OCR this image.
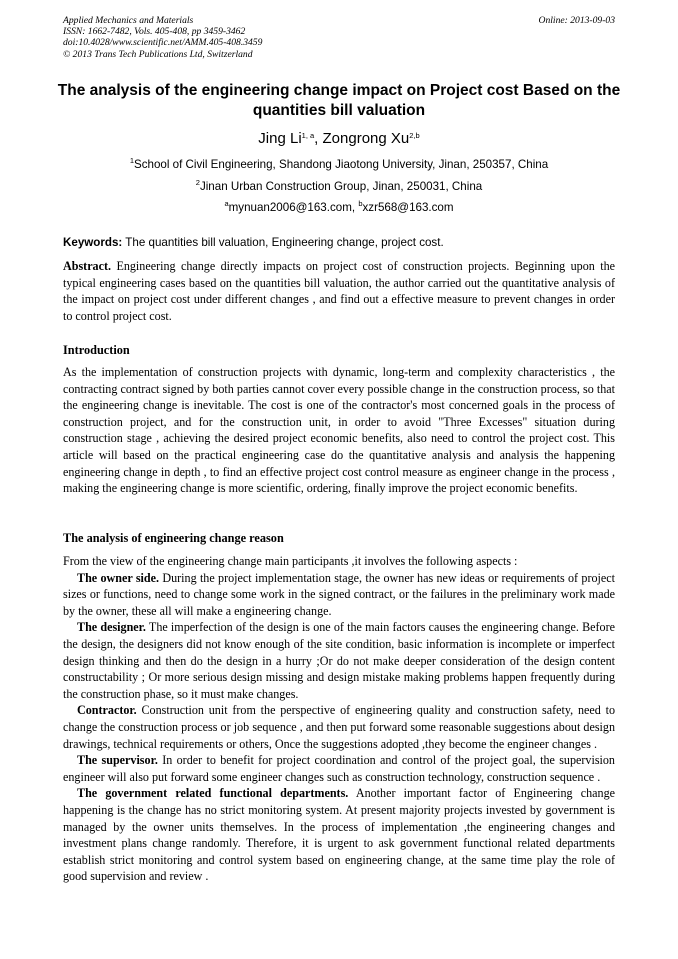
Applied Mechanics and Materials
ISSN: 1662-7482, Vols. 405-408, pp 3459-3462
doi:10.4028/www.scientific.net/AMM.405-408.3459
© 2013 Trans Tech Publications Ltd, Switzerland
Online: 2013-09-03
The analysis of the engineering change impact on Project cost Based on the quantities bill valuation
Jing Li$^{1, a}$, Zongrong Xu$^{2,b}$
$^1$School of Civil Engineering, Shandong Jiaotong University, Jinan, 250357, China
$^2$Jinan Urban Construction Group, Jinan, 250031, China
$^a$mynuan2006@163.com, $^b$xzr568@163.com
Keywords: The quantities bill valuation, Engineering change, project cost.
Abstract. Engineering change directly impacts on project cost of construction projects. Beginning upon the typical engineering cases based on the quantities bill valuation, the author carried out the quantitative analysis of the impact on project cost under different changes , and find out a effective measure to prevent changes in order to control project cost.
Introduction
As the implementation of construction projects with dynamic, long-term and complexity characteristics , the contracting contract signed by both parties cannot cover every possible change in the construction process, so that the engineering change is inevitable. The cost is one of the contractor's most concerned goals in the process of construction project, and for the construction unit, in order to avoid "Three Excesses" situation during construction stage , achieving the desired project economic benefits, also need to control the project cost. This article will based on the practical engineering case do the quantitative analysis and analysis the happening engineering change in depth , to find an effective project cost control measure as engineer change in the process , making the engineering change is more scientific, ordering, finally improve the project economic benefits.
The analysis of engineering change reason
From the view of the engineering change main participants ,it involves the following aspects :
The owner side. During the project implementation stage, the owner has new ideas or requirements of project sizes or functions, need to change some work in the signed contract, or the failures in the preliminary work made by the owner, these all will make a engineering change.
The designer. The imperfection of the design is one of the main factors causes the engineering change. Before the design, the designers did not know enough of the site condition, basic information is incomplete or imperfect design thinking and then do the design in a hurry ;Or do not make deeper consideration of the design content constructability ; Or more serious design missing and design mistake making problems happen frequently during the construction phase, so it must make changes.
Contractor. Construction unit from the perspective of engineering quality and construction safety, need to change the construction process or job sequence , and then put forward some reasonable suggestions about design drawings, technical requirements or others, Once the suggestions adopted ,they become the engineer changes .
The supervisor. In order to benefit for project coordination and control of the project goal, the supervision engineer will also put forward some engineer changes such as construction technology, construction sequence .
The government related functional departments. Another important factor of Engineering change happening is the change has no strict monitoring system. At present majority projects invested by government is managed by the owner units themselves. In the process of implementation ,the engineering changes and investment plans change randomly. Therefore, it is urgent to ask government functional related departments establish strict monitoring and control system based on engineering change, at the same time play the role of good supervision and review .
